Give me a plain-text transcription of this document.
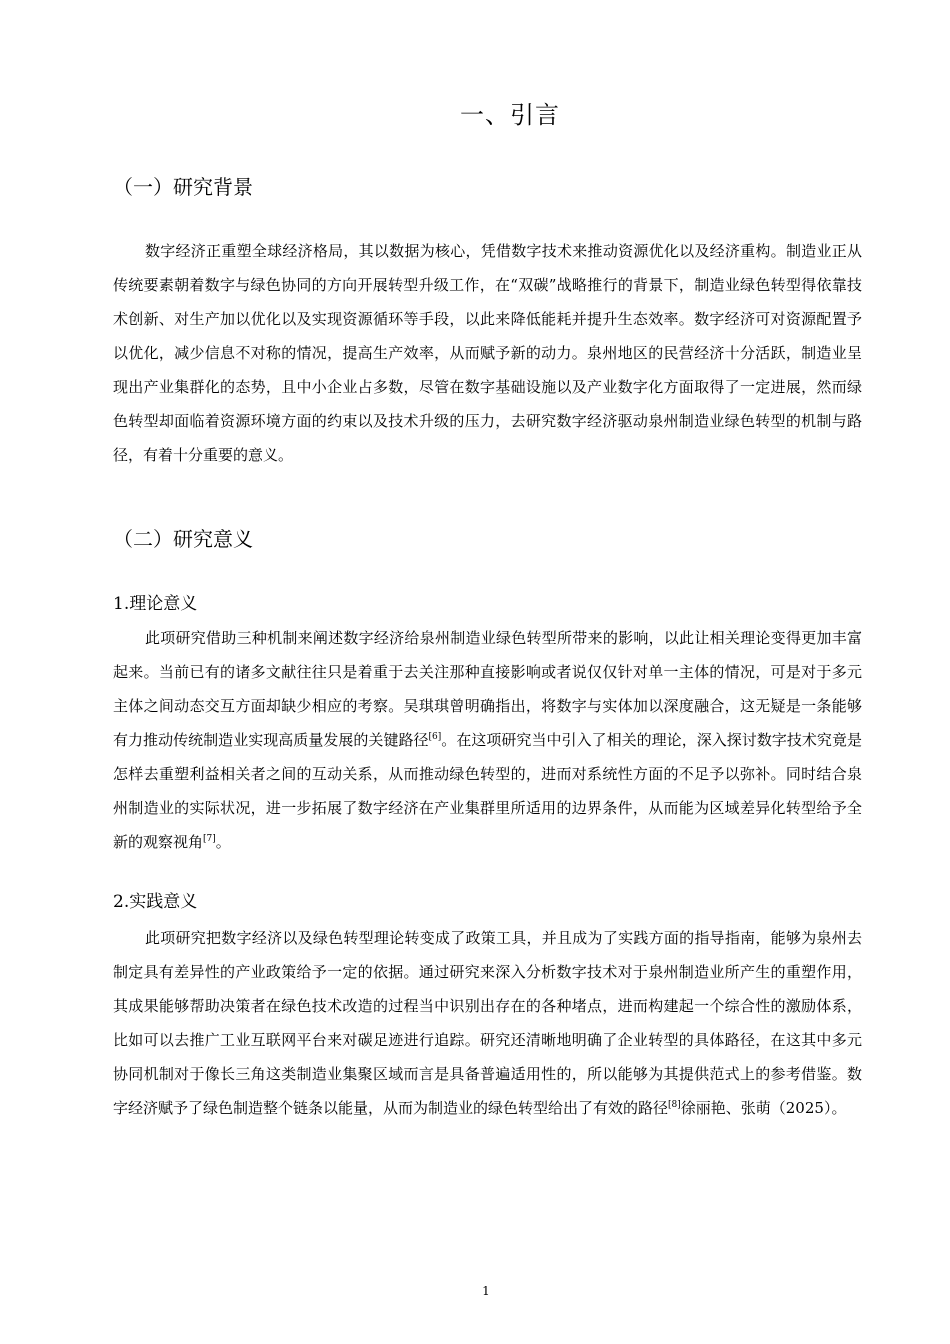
一、引言
（一）研究背景

数字经济正重塑全球经济格局，其以数据为核心，凭借数字技术来推动资源优化以及经济重构。制造业正从传统要素朝着数字与绿色协同的方向开展转型升级工作，在“双碳”战略推行的背景下，制造业绿色转型得依靠技术创新、对生产加以优化以及实现资源循环等手段，以此来降低能耗并提升生态效率。数字经济可对资源配置予以优化，减少信息不对称的情况，提高生产效率，从而赋予新的动力。泉州地区的民营经济十分活跃，制造业呈现出产业集群化的态势，且中小企业占多数，尽管在数字基础设施以及产业数字化方面取得了一定进展，然而绿色转型却面临着资源环境方面的约束以及技术升级的压力，去研究数字经济驱动泉州制造业绿色转型的机制与路径，有着十分重要的意义。

（二）研究意义
1.理论意义

此项研究借助三种机制来阐述数字经济给泉州制造业绿色转型所带来的影响，以此让相关理论变得更加丰富起来。当前已有的诸多文献往往只是着重于去关注那种直接影响或者说仅仅针对单一主体的情况，可是对于多元主体之间动态交互方面却缺少相应的考察。吴琪琪曾明确指出，将数字与实体加以深度融合，这无疑是一条能够有力推动传统制造业实现高质量发展的关键路径[6]。在这项研究当中引入了相关的理论，深入探讨数字技术究竟是怎样去重塑利益相关者之间的互动关系，从而推动绿色转型的，进而对系统性方面的不足予以弥补。同时结合泉州制造业的实际状况，进一步拓展了数字经济在产业集群里所适用的边界条件，从而能为区域差异化转型给予全新的观察视角[7]。

2.实践意义

此项研究把数字经济以及绿色转型理论转变成了政策工具，并且成为了实践方面的指导指南，能够为泉州去制定具有差异性的产业政策给予一定的依据。通过研究来深入分析数字技术对于泉州制造业所产生的重塑作用，其成果能够帮助决策者在绿色技术改造的过程当中识别出存在的各种堵点，进而构建起一个综合性的激励体系，比如可以去推广工业互联网平台来对碳足迹进行追踪。研究还清晰地明确了企业转型的具体路径，在这其中多元协同机制对于像长三角这类制造业集聚区域而言是具备普遍适用性的，所以能够为其提供范式上的参考借鉴。数字经济赋予了绿色制造整个链条以能量，从而为制造业的绿色转型给出了有效的路径[8]徐丽艳、张萌（2025）。

1
